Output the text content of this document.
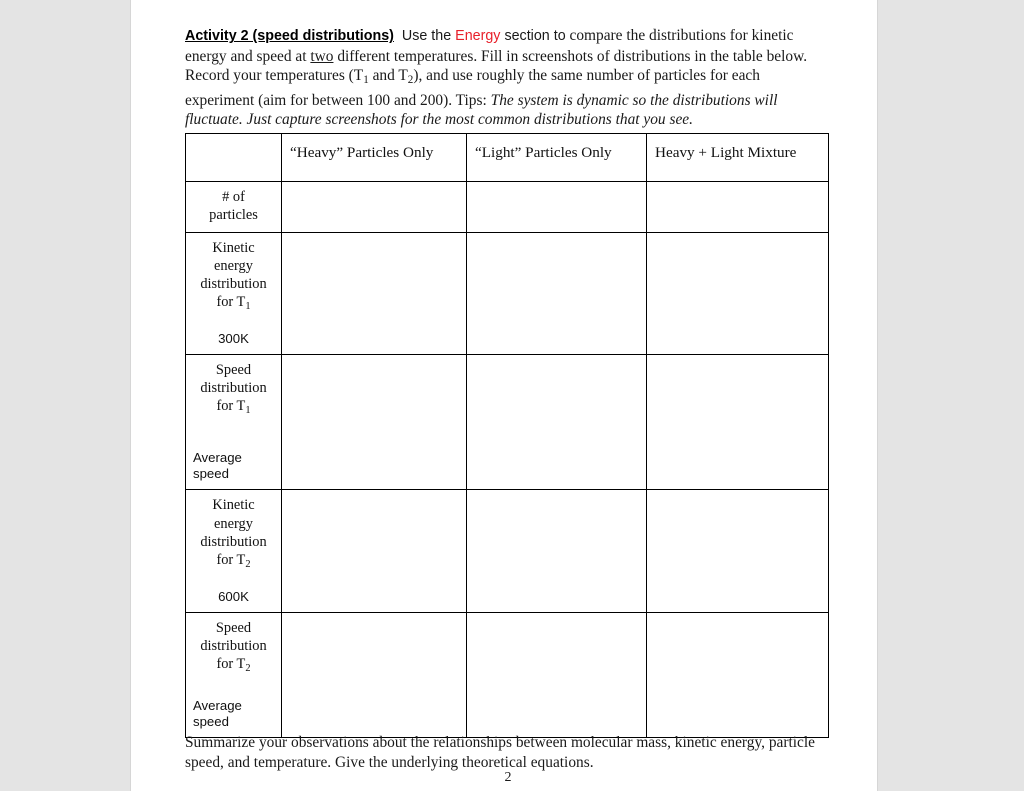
Activity 2 (speed distributions) Use the Energy section to compare the distributions for kinetic energy and speed at two different temperatures. Fill in screenshots of distributions in the table below. Record your temperatures ($T_1$ and $T_2$), and use roughly the same number of particles for each experiment (aim for between 100 and 200). Tips: The system is dynamic so the distributions will fluctuate. Just capture screenshots for the most common distributions that you see.

	“Heavy” Particles Only	“Light” Particles Only	Heavy + Light Mixture

# of
particles			

Kinetic
energy
distribution
for $T_1$
300K			

Speed
distribution
for $T_1$
Average
speed			

Kinetic
energy
distribution
for $T_2$
600K			

Speed
distribution
for $T_2$
Average
speed			

Summarize your observations about the relationships between molecular mass, kinetic energy, particle speed, and temperature. Give the underlying theoretical equations.
2
